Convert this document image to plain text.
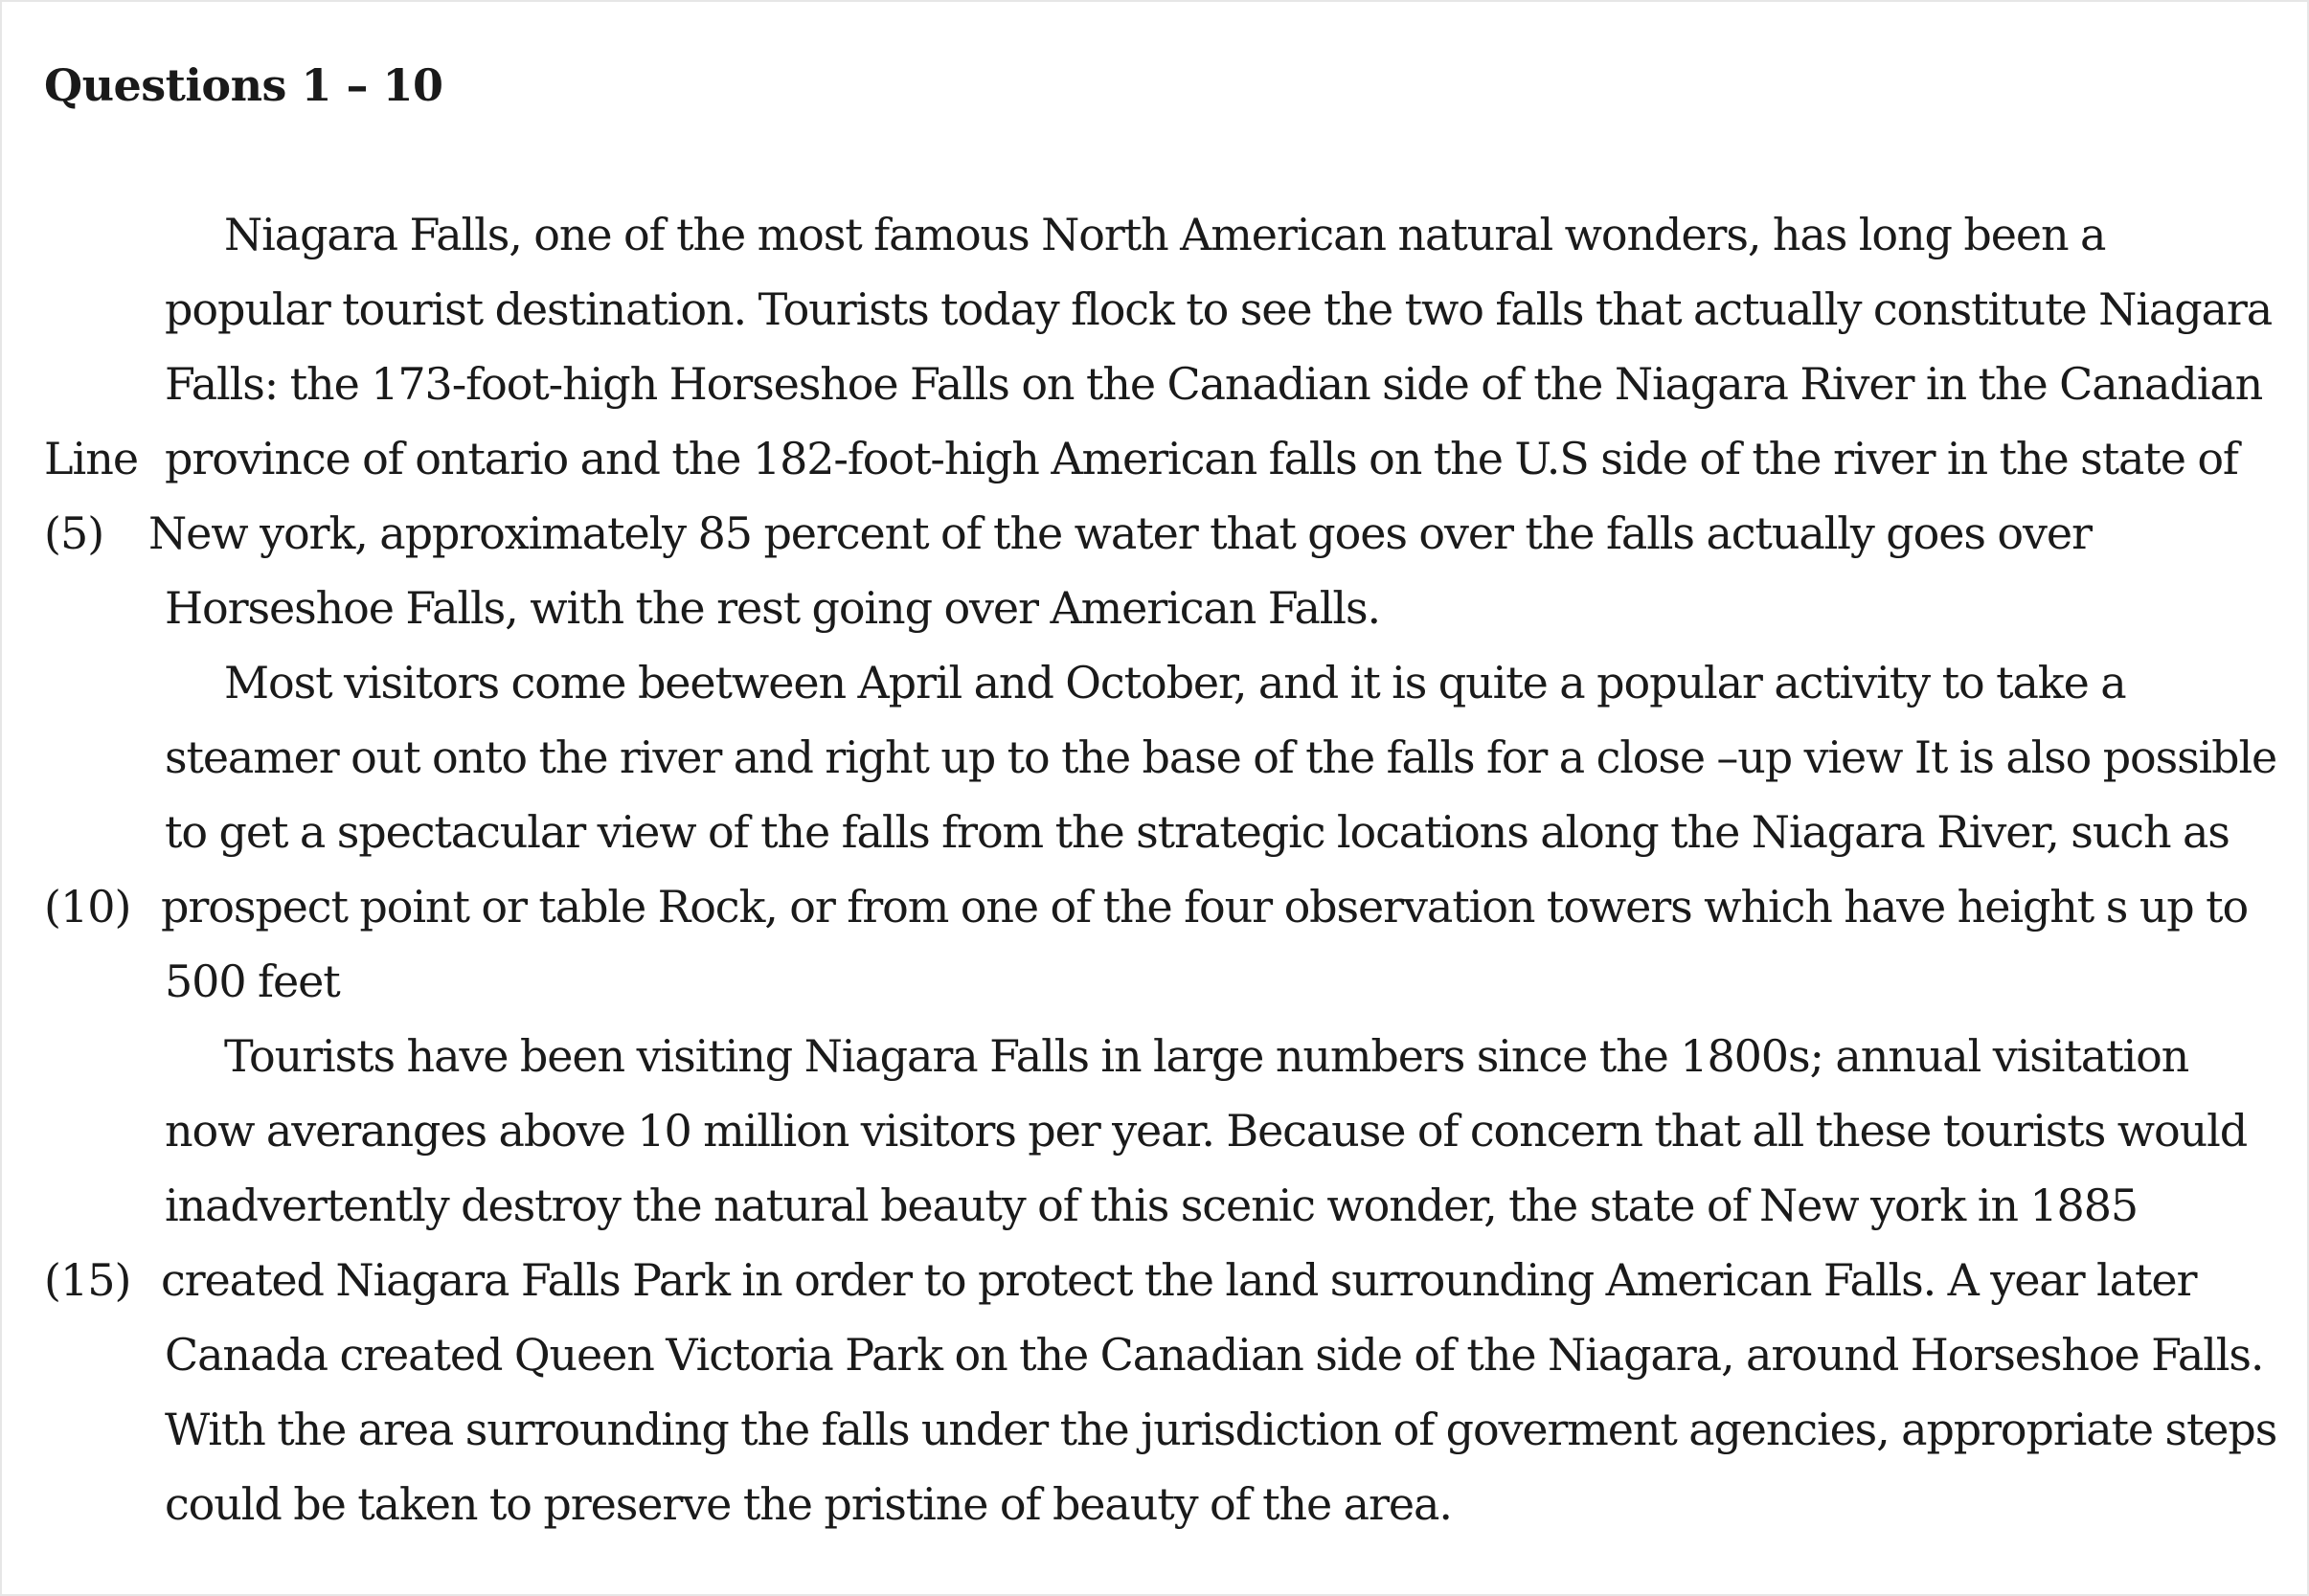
Questions 1 – 10
Niagara Falls, one of the most famous North American natural wonders, has long been a
popular tourist destination. Tourists today flock to see the two falls that actually constitute Niagara
Falls: the 173-foot-high Horseshoe Falls on the Canadian side of the Niagara River in the Canadian
Line province of ontario and the 182-foot-high American falls on the U.S side of the river in the state of
(5) New york, approximately 85 percent of the water that goes over the falls actually goes over
Horseshoe Falls, with the rest going over American Falls.
Most visitors come beetween April and October, and it is quite a popular activity to take a
steamer out onto the river and right up to the base of the falls for a close –up view It is also possible
to get a spectacular view of the falls from the strategic locations along the Niagara River, such as
(10) prospect point or table Rock, or from one of the four observation towers which have height s up to
500 feet
Tourists have been visiting Niagara Falls in large numbers since the 1800s; annual visitation
now averanges above 10 million visitors per year. Because of concern that all these tourists would
inadvertently destroy the natural beauty of this scenic wonder, the state of New york in 1885
(15) created Niagara Falls Park in order to protect the land surrounding American Falls. A year later
Canada created Queen Victoria Park on the Canadian side of the Niagara, around Horseshoe Falls.
With the area surrounding the falls under the jurisdiction of goverment agencies, appropriate steps
could be taken to preserve the pristine of beauty of the area.
